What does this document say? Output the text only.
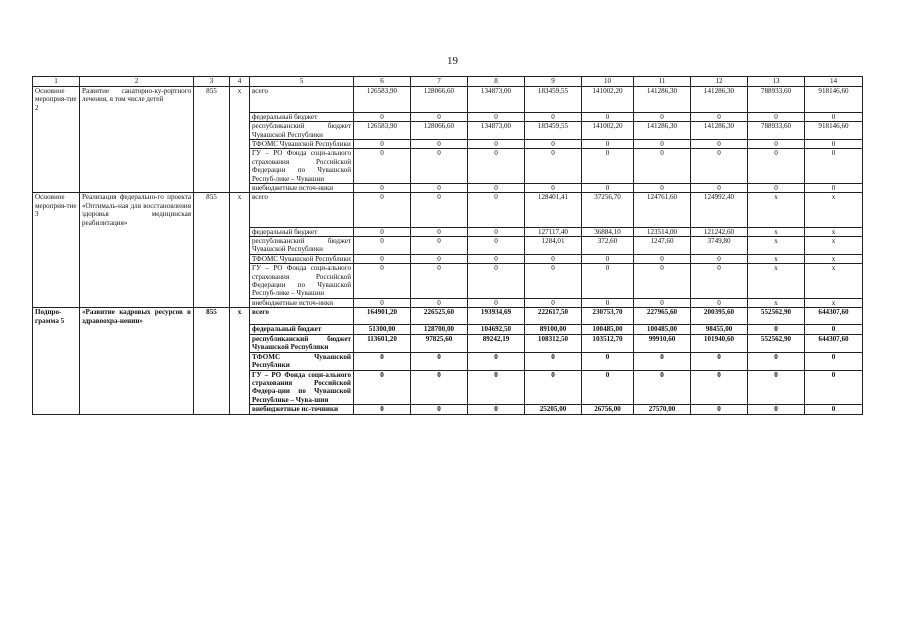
19
1	2	3	4	5	6	7	8	9	10	11	12	13	14
Основное мероприя-тие 2	Развитие санаторно-ку-рортного лечения, в том числе детей	855	х	всего	126583,90	128066,60	134873,00	183459,55	141002,20	141286,30	141286,30	788933,60	918146,60
				федеральный бюджет	0	0	0	0	0	0	0	0	0
				республиканский бюджет Чувашской Республики	126583,90	128066,60	134873,00	183459,55	141002,20	141286,30	141286,30	788933,60	918146,60
				ТФОМС Чувашской Республики	0	0	0	0	0	0	0	0	0
				ГУ – РО Фонда соци-ального страхования Российской Федерации по Чувашской Респуб-лике – Чувашии	0	0	0	0	0	0	0	0	0
				внебюджетные источ-ники	0	0	0	0	0	0	0	0	0
Основное мероприя-тие 3	Реализация федерально-го проекта «Оптималь-ная для восстановления здоровья медицинская реабилитация»	855	х	всего	0	0	0	128401,41	37256,70	124761,60	124992,40	х	х
				федеральный бюджет	0	0	0	127117,40	36884,10	123514,00	121242,60	х	х
				республиканский бюджет Чувашской Республики	0	0	0	1284,01	372,60	1247,60	3749,80	х	х
				ТФОМС Чувашской Республики	0	0	0	0	0	0	0	х	х
				ГУ – РО Фонда соци-ального страхования Российской Федерации по Чувашской Респуб-лике – Чувашии	0	0	0	0	0	0	0	х	х
				внебюджетные источ-ники	0	0	0	0	0	0	0	х	х
Подпро-грамма 5	«Развитие кадровых ресурсов в здравоохра-нении»	855	х	всего	164901,20	226525,60	193934,69	222617,50	230753,70	227965,60	200395,60	552562,90	644307,60
				федеральный бюджет	51300,00	128700,00	104692,50	89100,00	100485,00	100485,00	98455,00	0	0
				республиканский бюджет Чувашской Республики	113601,20	97825,60	89242,19	108312,50	103512,70	99910,60	101940,60	552562,90	644307,60
				ТФОМС Чувашской Республики	0	0	0	0	0	0	0	0	0
				ГУ – РО Фонда соци-ального страхования Российской Федера-ции по Чувашской Республике – Чува-шии	0	0	0	0	0	0	0	0	0
				внебюджетные ис-точники	0	0	0	25205,00	26756,00	27570,00	0	0	0
